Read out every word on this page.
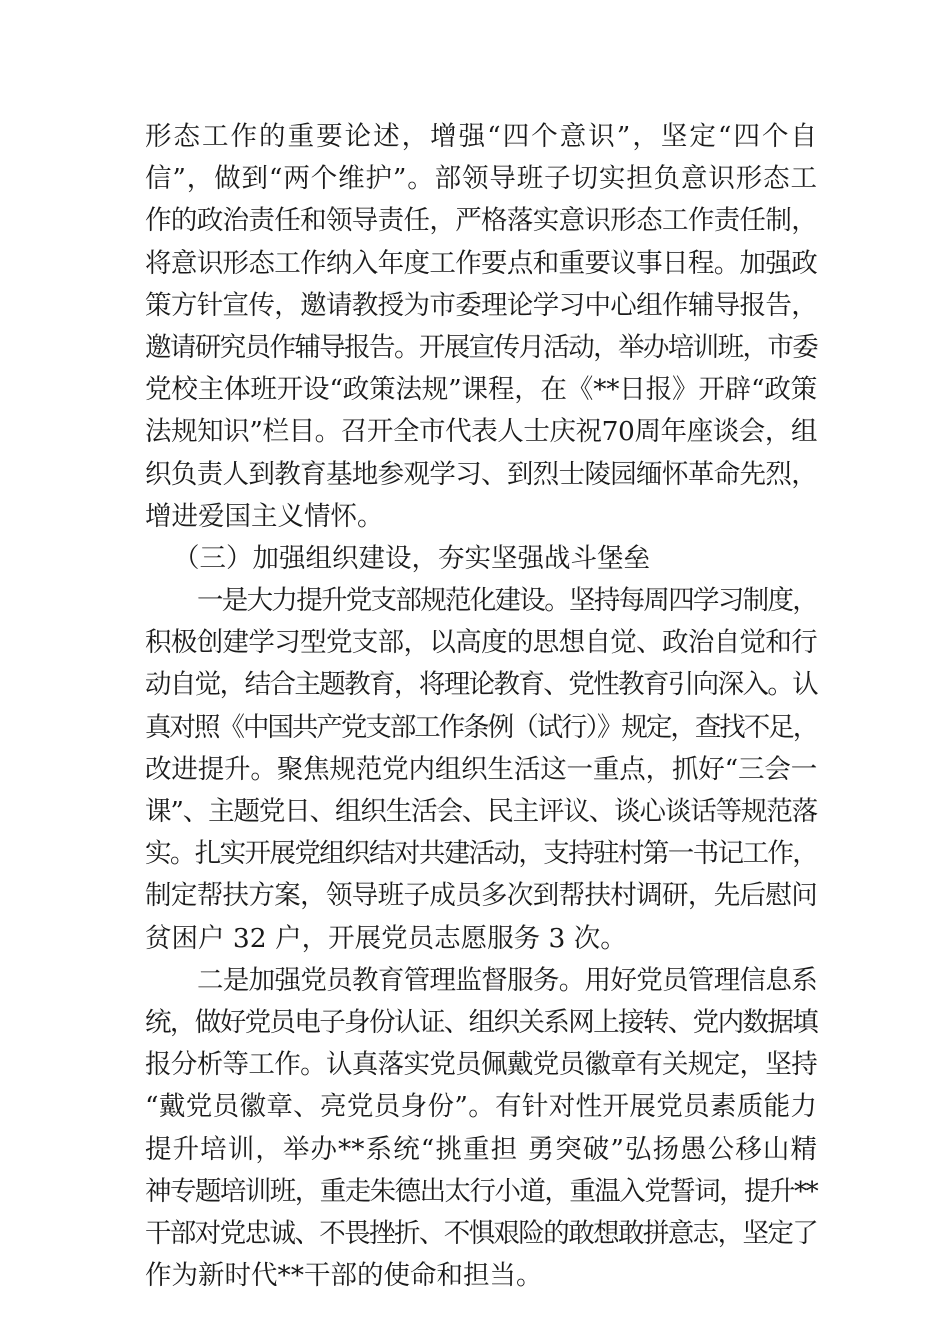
形态工作的重要论述，增强“四个意识”，坚定“四个自
信”，做到“两个维护”。部领导班子切实担负意识形态工
作的政治责任和领导责任，严格落实意识形态工作责任制，
将意识形态工作纳入年度工作要点和重要议事日程。加强政
策方针宣传，邀请教授为市委理论学习中心组作辅导报告，
邀请研究员作辅导报告。开展宣传月活动，举办培训班，市委
党校主体班开设“政策法规”课程，在《**日报》开辟“政策
法规知识”栏目。召开全市代表人士庆祝70周年座谈会，组
织负责人到教育基地参观学习、到烈士陵园缅怀革命先烈，
增进爱国主义情怀。
（三）加强组织建设，夯实坚强战斗堡垒
一是大力提升党支部规范化建设。坚持每周四学习制度，
积极创建学习型党支部，以高度的思想自觉、政治自觉和行
动自觉，结合主题教育，将理论教育、党性教育引向深入。认
真对照《中国共产党支部工作条例（试行）》规定，查找不足，
改进提升。聚焦规范党内组织生活这一重点，抓好“三会一
课”、主题党日、组织生活会、民主评议、谈心谈话等规范落
实。扎实开展党组织结对共建活动，支持驻村第一书记工作，
制定帮扶方案，领导班子成员多次到帮扶村调研，先后慰问
贫困户 32 户，开展党员志愿服务 3 次。
二是加强党员教育管理监督服务。用好党员管理信息系
统，做好党员电子身份认证、组织关系网上接转、党内数据填
报分析等工作。认真落实党员佩戴党员徽章有关规定，坚持
“戴党员徽章、亮党员身份”。有针对性开展党员素质能力
提升培训，举办**系统“挑重担 勇突破”弘扬愚公移山精
神专题培训班，重走朱德出太行小道，重温入党誓词，提升**
干部对党忠诚、不畏挫折、不惧艰险的敢想敢拼意志，坚定了
作为新时代**干部的使命和担当。
